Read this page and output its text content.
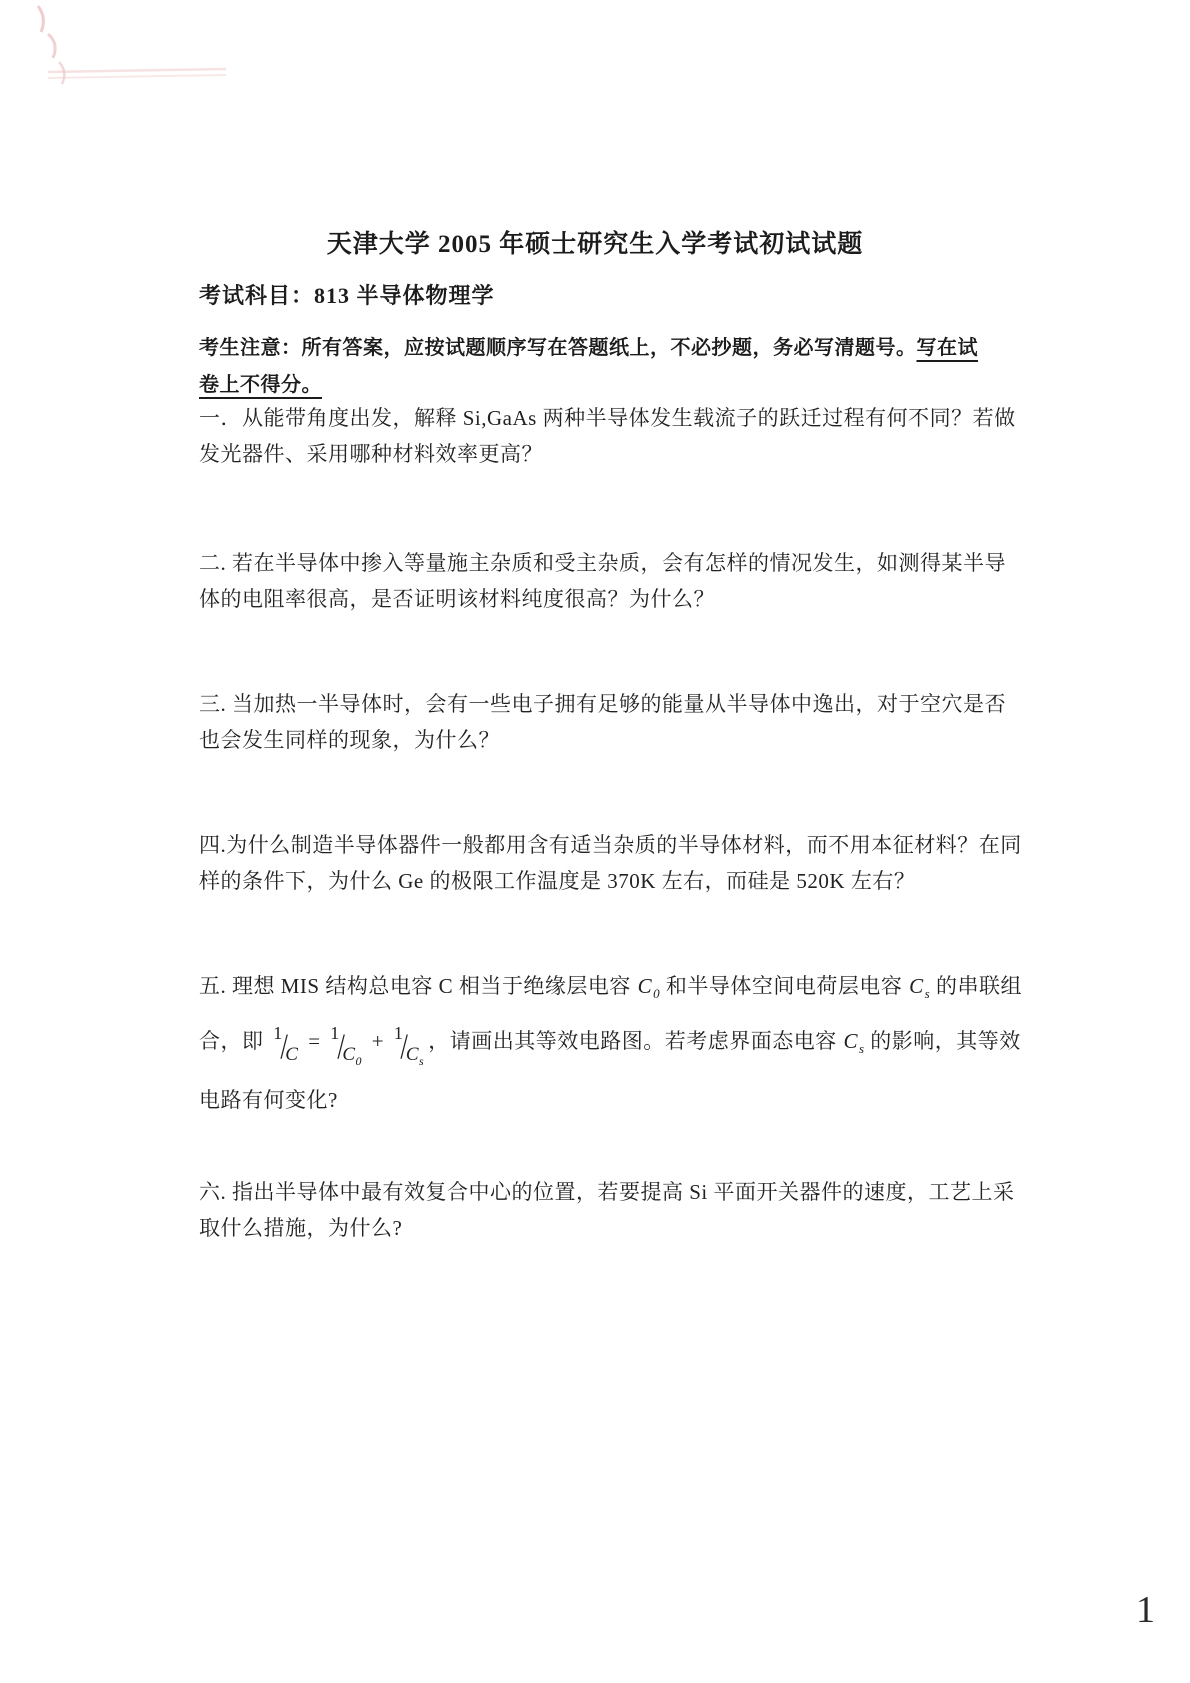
天津大学 2005 年硕士研究生入学考试初试试题
考试科目：813 半导体物理学
考生注意：所有答案，应按试题顺序写在答题纸上，不必抄题，务必写清题号。写在试
卷上不得分。
一．从能带角度出发，解释 Si,GaAs 两种半导体发生载流子的跃迁过程有何不同？若做
发光器件、采用哪种材料效率更高？
二. 若在半导体中掺入等量施主杂质和受主杂质，会有怎样的情况发生，如测得某半导
体的电阻率很高，是否证明该材料纯度很高？为什么？
三. 当加热一半导体时，会有一些电子拥有足够的能量从半导体中逸出，对于空穴是否
也会发生同样的现象，为什么？
四.为什么制造半导体器件一般都用含有适当杂质的半导体材料，而不用本征材料？在同
样的条件下，为什么 Ge 的极限工作温度是 370K 左右，而硅是 520K 左右？
五. 理想 MIS 结构总电容 C 相当于绝缘层电容 $C_0$ 和半导体空间电荷层电容 $C_s$ 的串联组
合，即 $1/C = 1/C_0 + 1/C_s$，请画出其等效电路图。若考虑界面态电容 $C_s$ 的影响，其等效
电路有何变化?
六. 指出半导体中最有效复合中心的位置，若要提高 Si 平面开关器件的速度，工艺上采
取什么措施，为什么?
1
